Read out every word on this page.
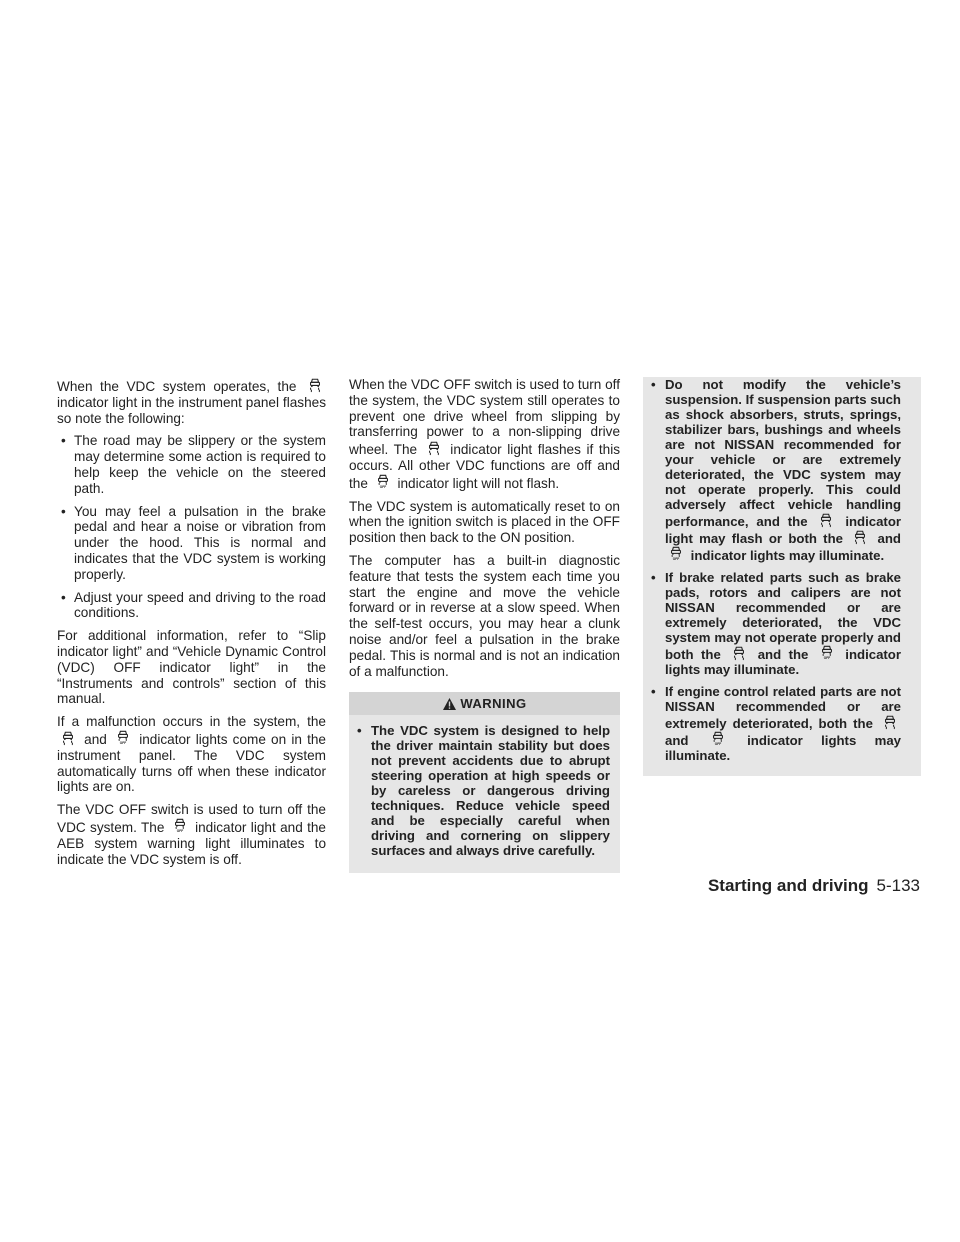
When the VDC system operates, the
indicator light in the instrument panel flashes so note the following:

• The road may be slippery or the system may determine some action is required to help keep the vehicle on the steered path.
• You may feel a pulsation in the brake pedal and hear a noise or vibration from under the hood. This is normal and indicates that the VDC system is working properly.
• Adjust your speed and driving to the road conditions.

For additional information, refer to “Slip indicator light” and “Vehicle Dynamic Control (VDC) OFF indicator light” in the “Instruments and controls” section of this manual.

If a malfunction occurs in the system, the
and indicator lights come on in the instrument panel. The VDC system automatically turns off when these indicator lights are on.

The VDC OFF switch is used to turn off the VDC system. The indicator light and the AEB system warning light illuminates to indicate the VDC system is off.

When the VDC OFF switch is used to turn off the system, the VDC system still operates to prevent one drive wheel from slipping by transferring power to a non-slipping drive wheel. The indicator light flashes if this occurs. All other VDC functions are off and the indicator light will not flash.

The VDC system is automatically reset to on when the ignition switch is placed in the OFF position then back to the ON position.

The computer has a built-in diagnostic feature that tests the system each time you start the engine and move the vehicle forward or in reverse at a slow speed. When the self-test occurs, you may hear a clunk noise and/or feel a pulsation in the brake pedal. This is normal and is not an indication of a malfunction.

WARNING
• The VDC system is designed to help the driver maintain stability but does not prevent accidents due to abrupt steering operation at high speeds or by careless or dangerous driving techniques. Reduce vehicle speed and be especially careful when driving and cornering on slippery surfaces and always drive carefully.
• Do not modify the vehicle’s suspension. If suspension parts such as shock absorbers, struts, springs, stabilizer bars, bushings and wheels are not NISSAN recommended for your vehicle or are extremely deteriorated, the VDC system may not operate properly. This could adversely affect vehicle handling performance, and the	indicator light may flash or both the	and
indicator lights may illuminate.
• If brake related parts such as brake pads, rotors and calipers are not NISSAN recommended or are extremely deteriorated, the VDC system may not operate properly and both the	and the	indicator lights may illuminate.
• If engine control related parts are not NISSAN recommended or are extremely deteriorated, both the
and	indicator lights may illuminate.
Starting and driving 5-133
